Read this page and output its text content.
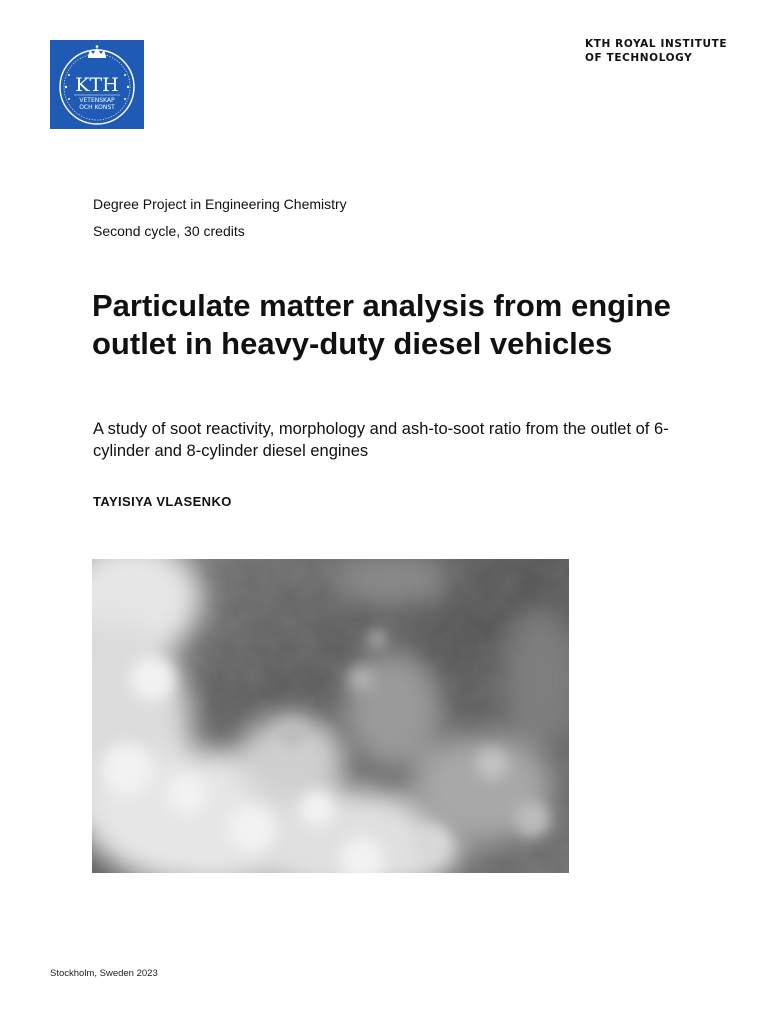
KTH
VETENSKAP
OCH KONST
KTH ROYAL INSTITUTE
OF TECHNOLOGY
Degree Project in Engineering Chemistry
Second cycle, 30 credits
Particulate matter analysis from engine outlet in heavy-duty diesel vehicles

A study of soot reactivity, morphology and ash-to-soot ratio from the outlet of 6-cylinder and 8-cylinder diesel engines

TAYISIYA VLASENKO
Stockholm, Sweden 2023
